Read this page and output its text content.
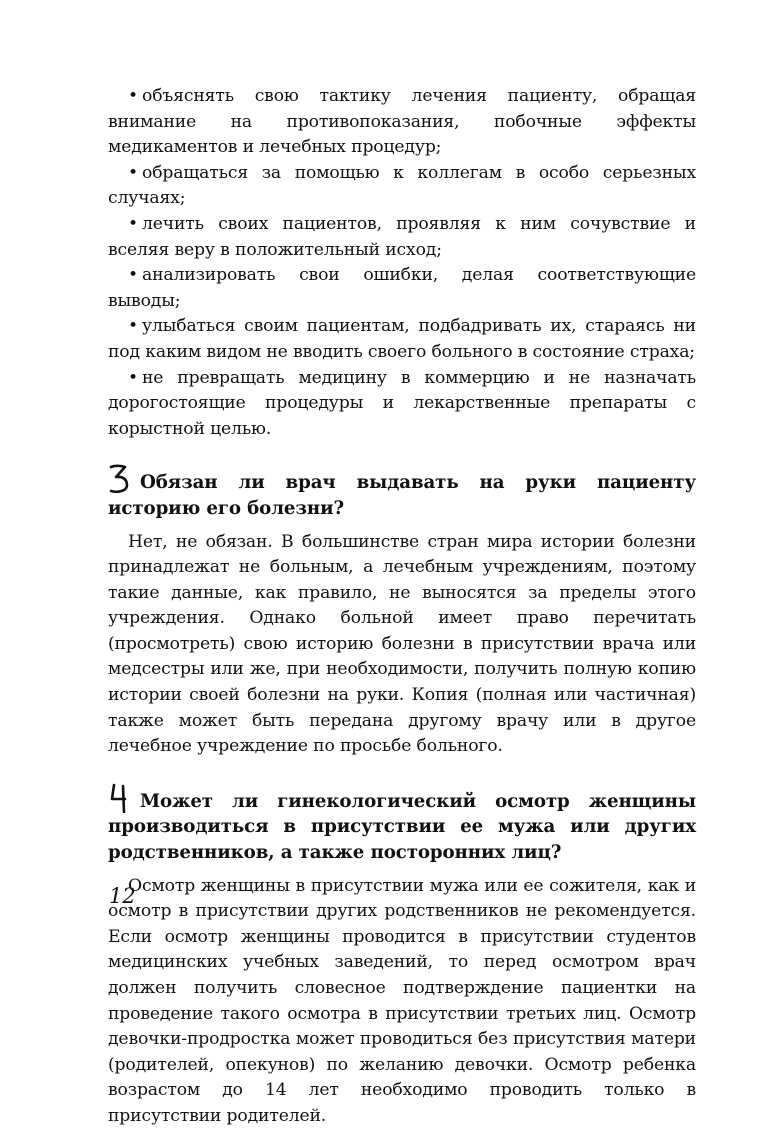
• объяснять свою тактику лечения пациенту, обращая внимание на противопоказания, побочные эффекты медикаментов и лечебных процедур;
• обращаться за помощью к коллегам в особо серьезных случаях;
• лечить своих пациентов, проявляя к ним сочувствие и вселяя веру в положительный исход;
• анализировать свои ошибки, делая соответствующие выводы;
• улыбаться своим пациентам, подбадривать их, стараясь ни под каким видом не вводить своего больного в состояние страха;
• не превращать медицину в коммерцию и не назначать дорогостоящие процедуры и лекарственные препараты с корыстной целью.
Обязан ли врач выдавать на руки пациенту историю его болезни?

Нет, не обязан. В большинстве стран мира истории болезни принадлежат не больным, а лечебным учреждениям, поэтому такие данные, как правило, не выносятся за пределы этого учреждения. Однако больной имеет право перечитать (просмотреть) свою историю болезни в присутствии врача или медсестры или же, при необходимости, получить полную копию истории своей болезни на руки. Копия (полная или частичная) также может быть передана другому врачу или в другое лечебное учреждение по просьбе больного.

Может ли гинекологический осмотр женщины производиться в присутствии ее мужа или других родственников, а также посторонних лиц?

Осмотр женщины в присутствии мужа или ее сожителя, как и осмотр в присутствии других родственников не рекомендуется. Если осмотр женщины проводится в присутствии студентов медицинских учебных заведений, то перед осмотром врач должен получить словесное подтверждение пациентки на проведение такого осмотра в присутствии третьих лиц. Осмотр девочки-продростка может проводиться без присутствия матери (родителей, опекунов) по желанию девочки. Осмотр ребенка возрастом до 14 лет необходимо проводить только в присутствии родителей.

12
